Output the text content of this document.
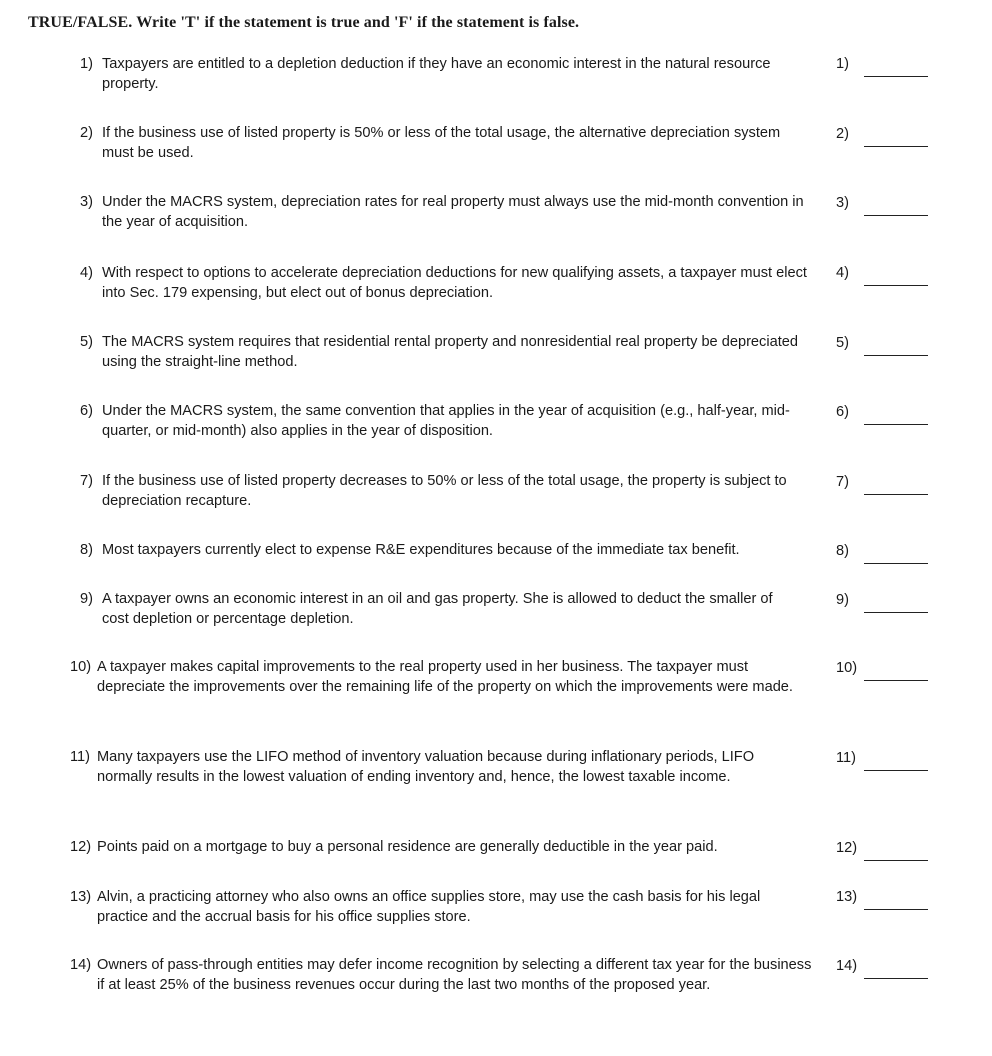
TRUE/FALSE. Write 'T' if the statement is true and 'F' if the statement is false.
1) Taxpayers are entitled to a depletion deduction if they have an economic interest in the natural resource property.
1)
2) If the business use of listed property is 50% or less of the total usage, the alternative depreciation system must be used.
2)
3) Under the MACRS system, depreciation rates for real property must always use the mid-month convention in the year of acquisition.
3)
4) With respect to options to accelerate depreciation deductions for new qualifying assets, a taxpayer must elect into Sec. 179 expensing, but elect out of bonus depreciation.
4)
5) The MACRS system requires that residential rental property and nonresidential real property be depreciated using the straight-line method.
5)
6) Under the MACRS system, the same convention that applies in the year of acquisition (e.g., half-year, mid-quarter, or mid-month) also applies in the year of disposition.
6)
7) If the business use of listed property decreases to 50% or less of the total usage, the property is subject to depreciation recapture.
7)
8) Most taxpayers currently elect to expense R&E expenditures because of the immediate tax benefit.	8)
9) A taxpayer owns an economic interest in an oil and gas property. She is allowed to deduct the smaller of cost depletion or percentage depletion.
9)
10) A taxpayer makes capital improvements to the real property used in her business. The taxpayer must depreciate the improvements over the remaining life of the property on which the improvements were made.
10)
11) Many taxpayers use the LIFO method of inventory valuation because during inflationary periods, LIFO normally results in the lowest valuation of ending inventory and, hence, the lowest taxable income.
11)
12) Points paid on a mortgage to buy a personal residence are generally deductible in the year paid.	12)
13) Alvin, a practicing attorney who also owns an office supplies store, may use the cash basis for his legal practice and the accrual basis for his office supplies store.
13)
14) Owners of pass-through entities may defer income recognition by selecting a different tax year for the business if at least 25% of the business revenues occur during the last two months of the proposed year.
14)
